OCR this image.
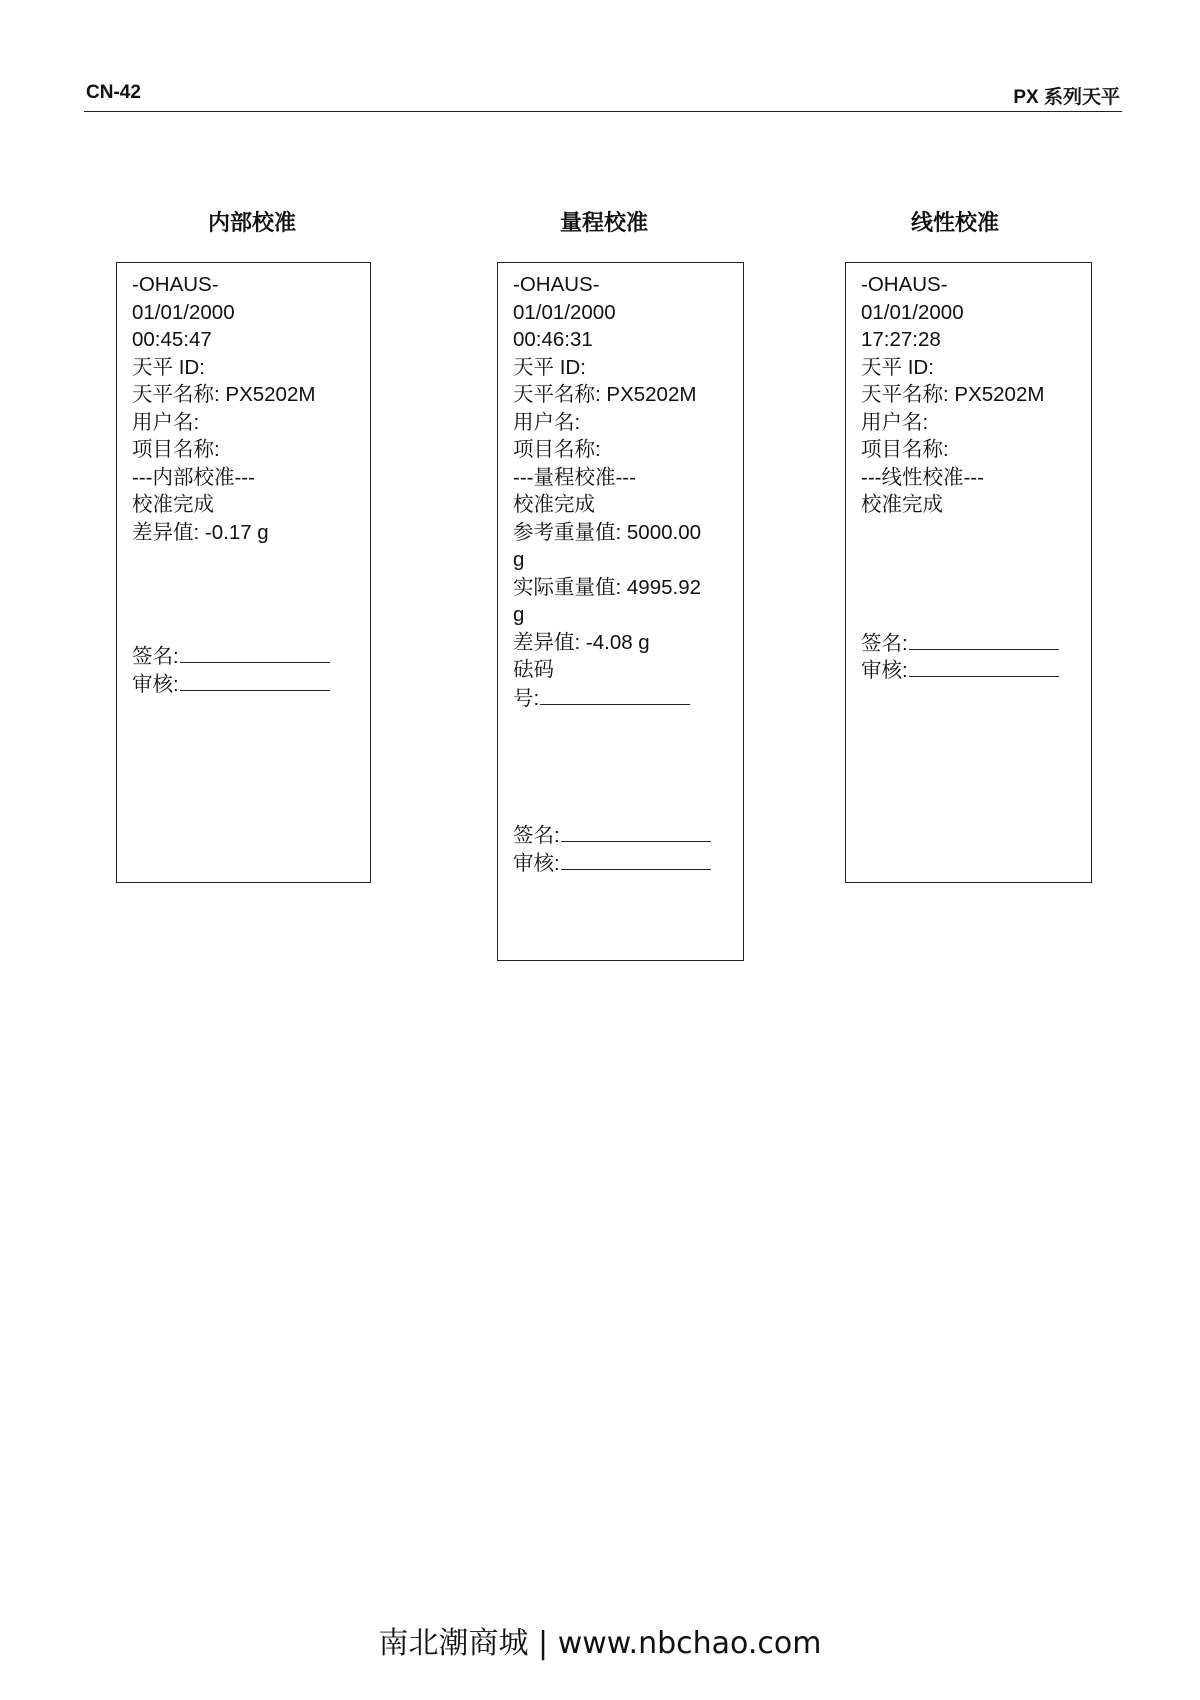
CN-42	PX 系列天平
内部校准
-OHAUS-
01/01/2000
00:45:47
天平 ID:
天平名称: PX5202M
用户名:
项目名称:
---内部校准---
校准完成
差异值: -0.17 g
签名:
审核:
量程校准
-OHAUS-
01/01/2000
00:46:31
天平 ID:
天平名称: PX5202M
用户名:
项目名称:
---量程校准---
校准完成
参考重量值: 5000.00
g
实际重量值: 4995.92
g
差异值: -4.08 g
砝码
号:
签名:
审核:
线性校准
-OHAUS-
01/01/2000
17:27:28
天平 ID:
天平名称: PX5202M
用户名:
项目名称:
---线性校准---
校准完成
签名:
审核:
南北潮商城 | www.nbchao.com
